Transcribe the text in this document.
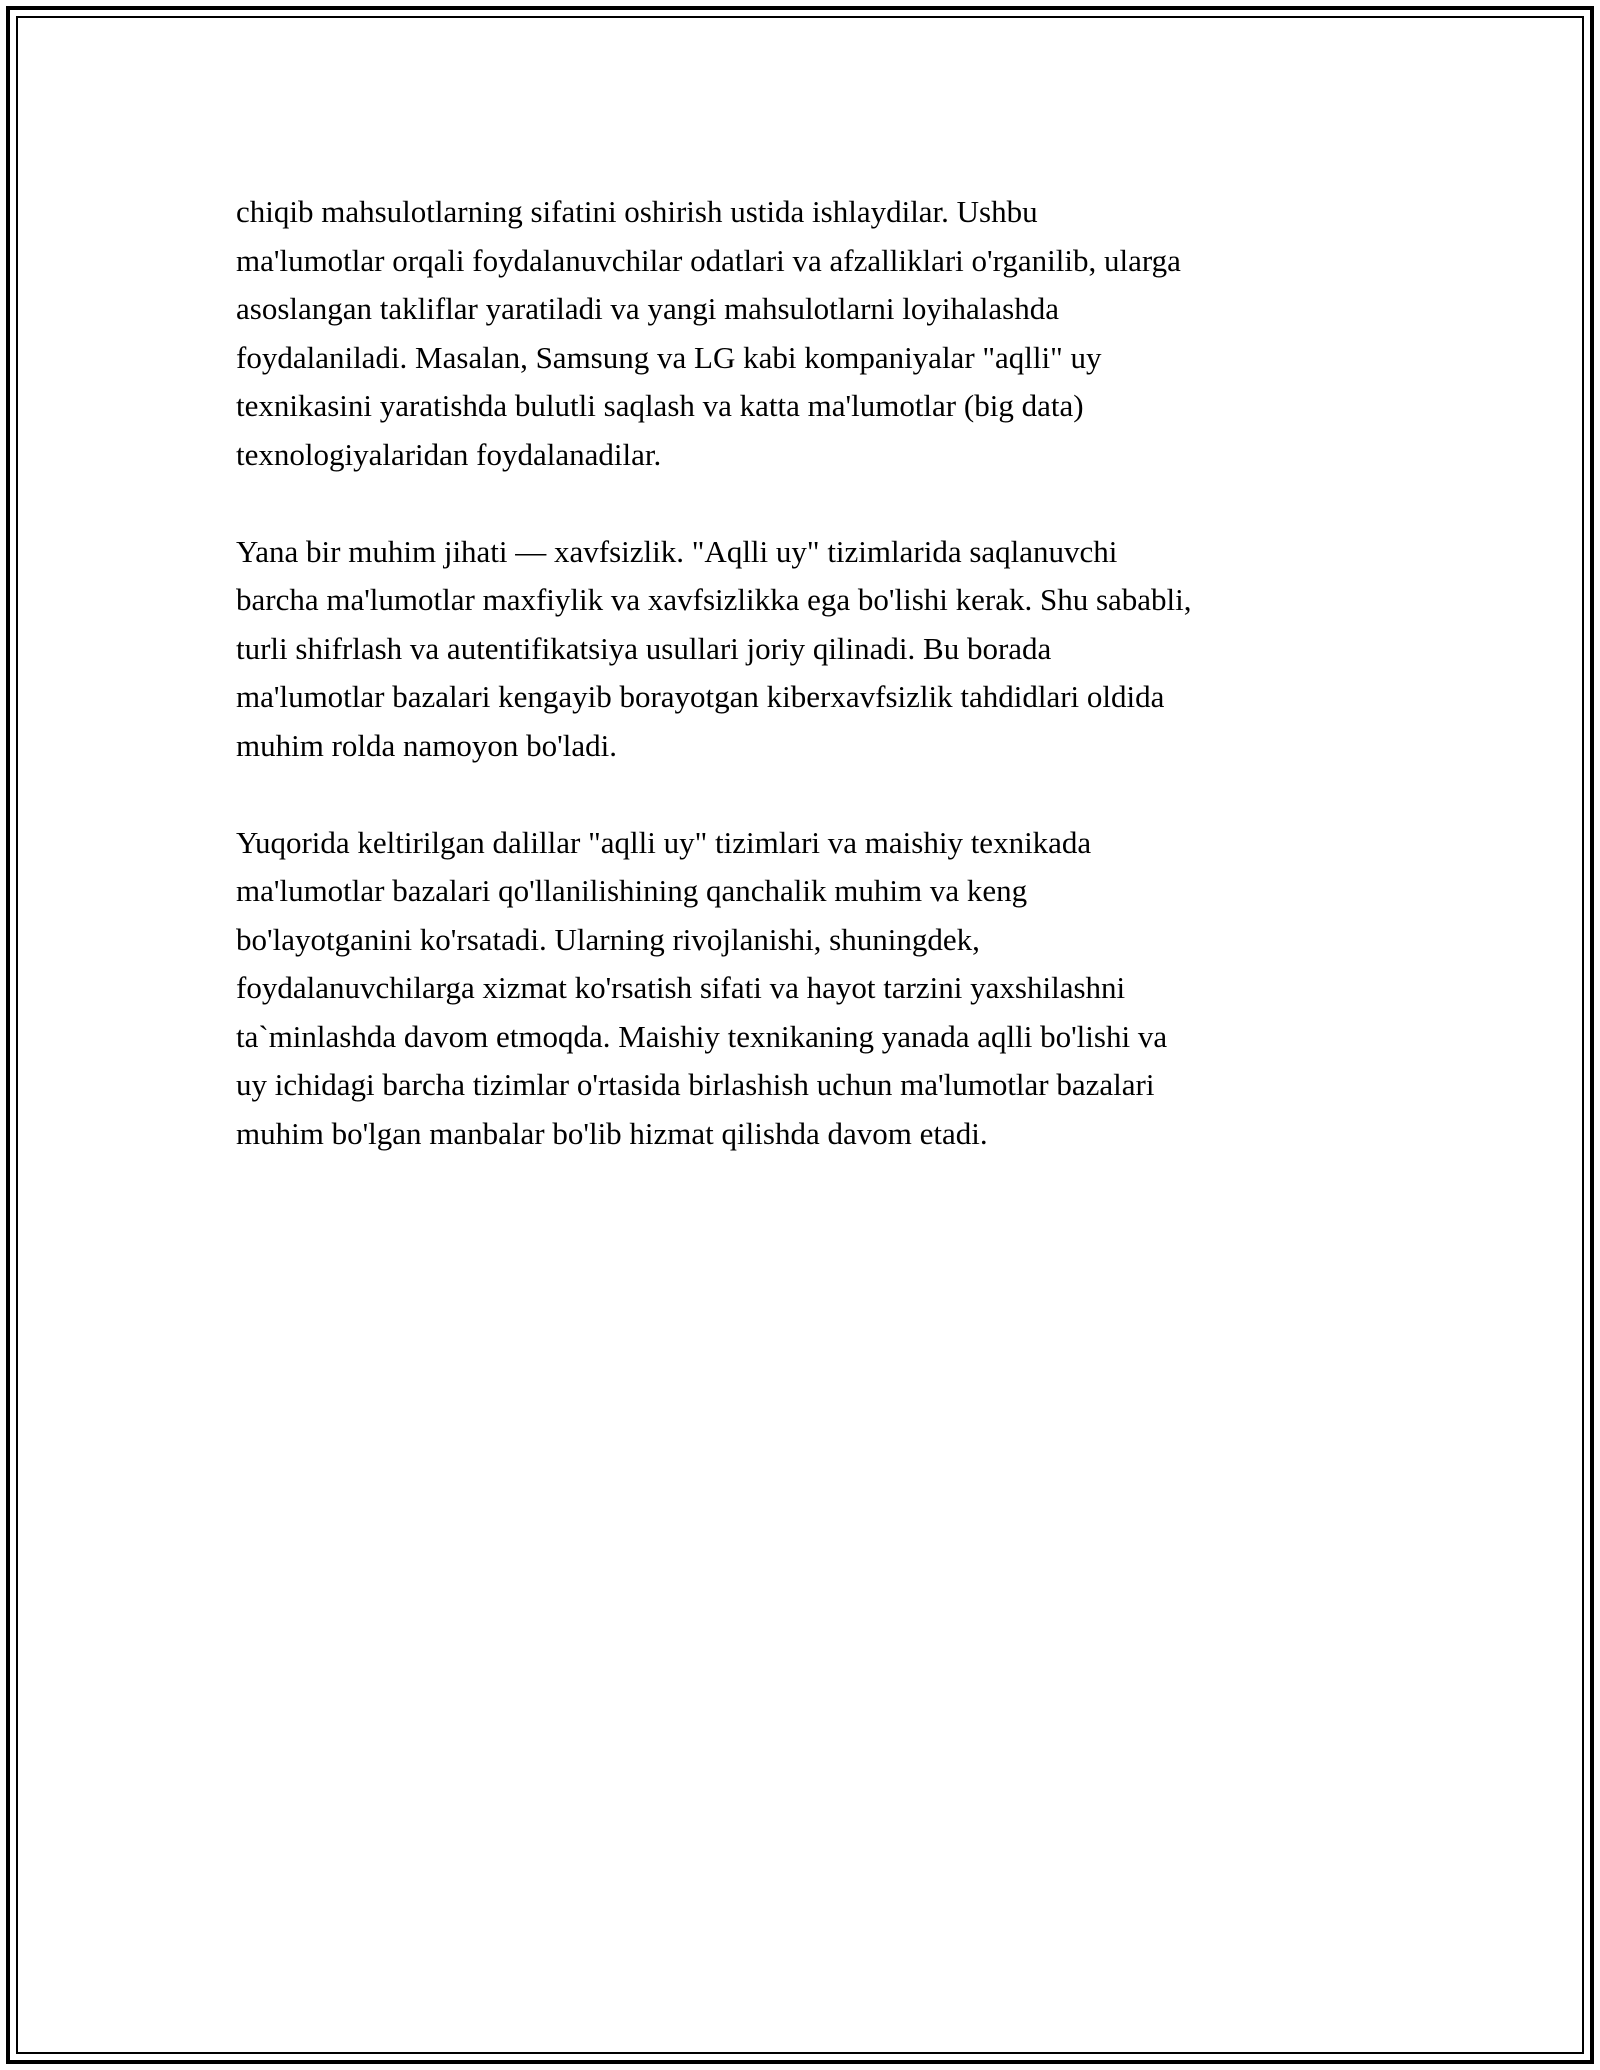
chiqib mahsulotlarning sifatini oshirish ustida ishlaydilar. Ushbu
ma'lumotlar orqali foydalanuvchilar odatlari va afzalliklari o'rganilib, ularga
asoslangan takliflar yaratiladi va yangi mahsulotlarni loyihalashda
foydalaniladi. Masalan, Samsung va LG kabi kompaniyalar "aqlli" uy
texnikasini yaratishda bulutli saqlash va katta ma'lumotlar (big data)
texnologiyalaridan foydalanadilar.

Yana bir muhim jihati — xavfsizlik. "Aqlli uy" tizimlarida saqlanuvchi
barcha ma'lumotlar maxfiylik va xavfsizlikka ega bo'lishi kerak. Shu sababli,
turli shifrlash va autentifikatsiya usullari joriy qilinadi. Bu borada
ma'lumotlar bazalari kengayib borayotgan kiberxavfsizlik tahdidlari oldida
muhim rolda namoyon bo'ladi.

Yuqorida keltirilgan dalillar "aqlli uy" tizimlari va maishiy texnikada
ma'lumotlar bazalari qo'llanilishining qanchalik muhim va keng
bo'layotganini ko'rsatadi. Ularning rivojlanishi, shuningdek,
foydalanuvchilarga xizmat ko'rsatish sifati va hayot tarzini yaxshilashni
ta`minlashda davom etmoqda. Maishiy texnikaning yanada aqlli bo'lishi va
uy ichidagi barcha tizimlar o'rtasida birlashish uchun ma'lumotlar bazalari
muhim bo'lgan manbalar bo'lib hizmat qilishda davom etadi.
